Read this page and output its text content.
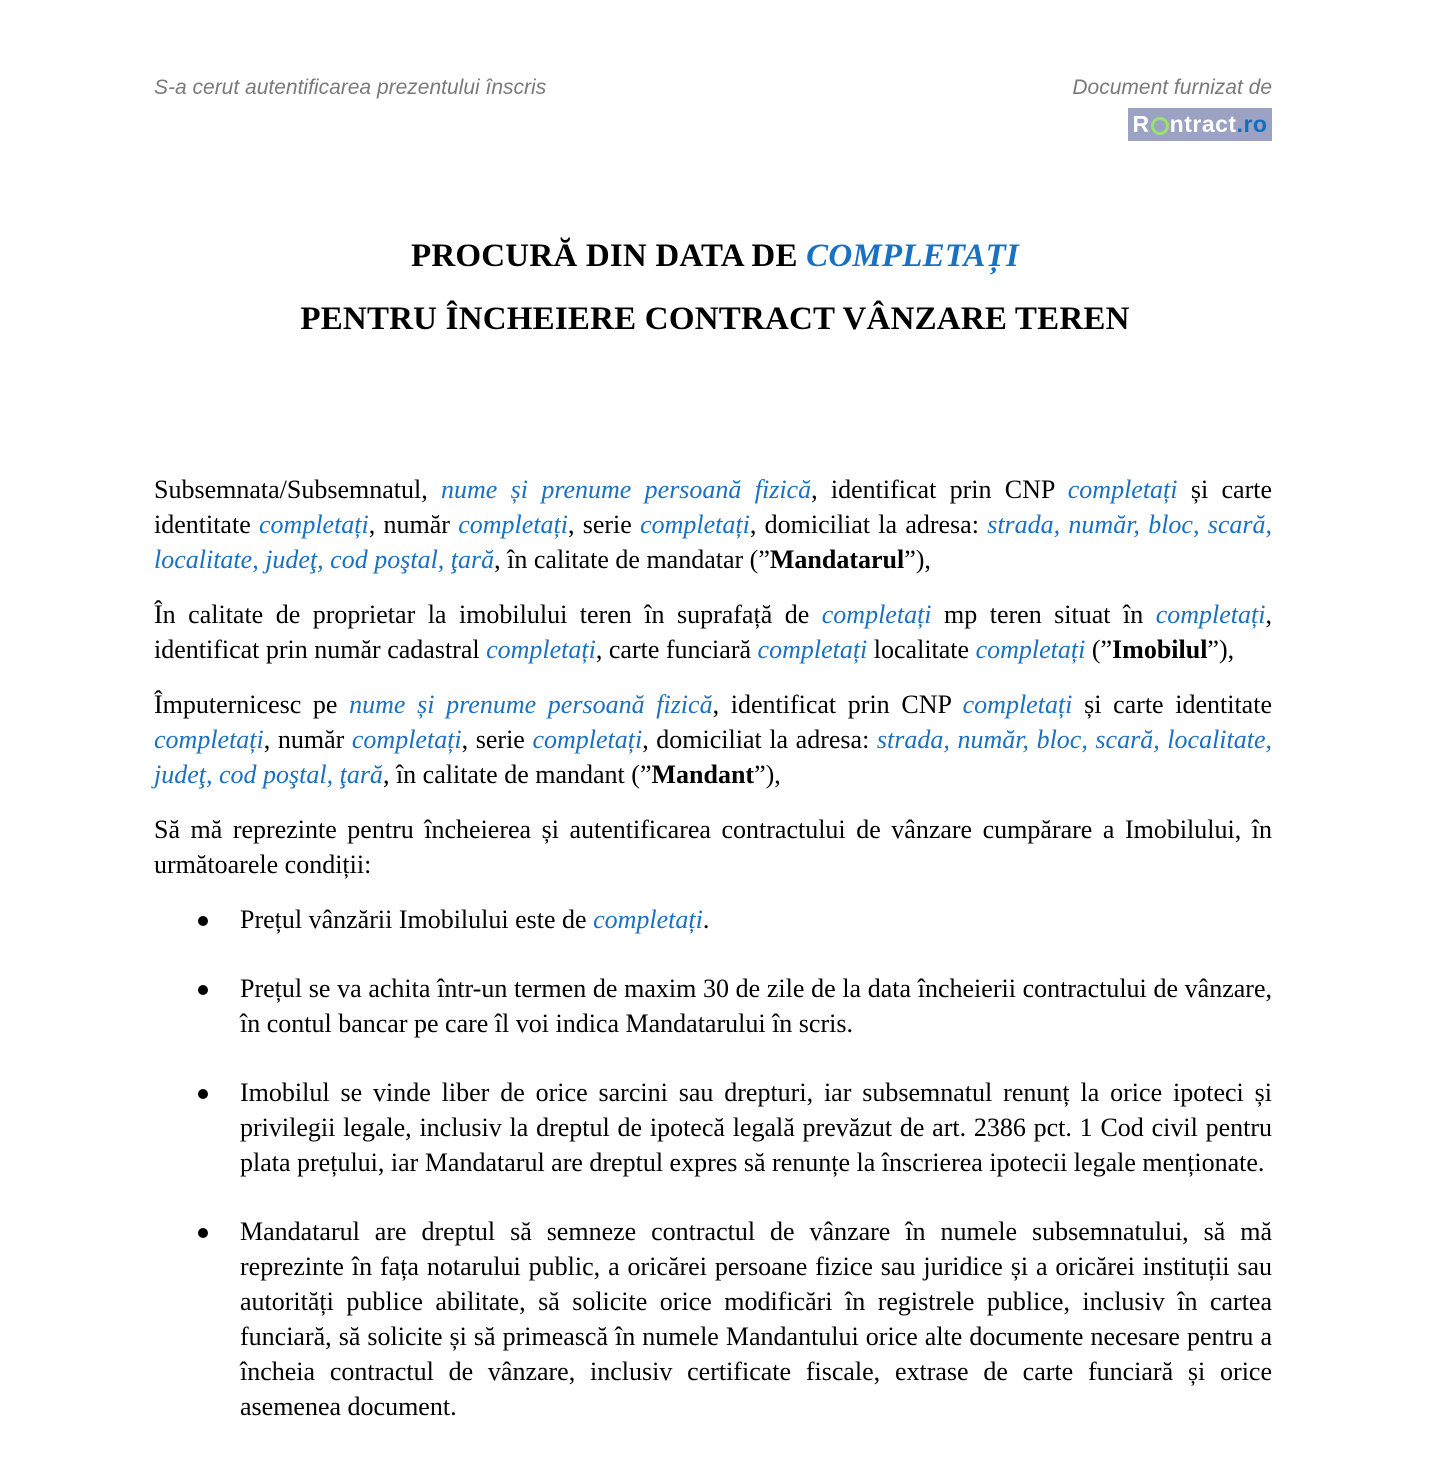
S-a cerut autentificarea prezentului înscris	Document furnizat de
R ntract .ro
PROCURĂ DIN DATA DE COMPLETAȚI
PENTRU ÎNCHEIERE CONTRACT VÂNZARE TEREN

Subsemnata/Subsemnatul, nume și prenume persoană fizică, identificat prin CNP completați și carte identitate completați, număr completați, serie completați, domiciliat la adresa: strada, număr, bloc, scară, localitate, judeţ, cod poştal, ţară, în calitate de mandatar (”Mandatarul”),

În calitate de proprietar la imobilului teren în suprafață de completați mp teren situat în completați, identificat prin număr cadastral completați, carte funciară completați localitate completați (”Imobilul”),

Împuternicesc pe nume și prenume persoană fizică, identificat prin CNP completați și carte identitate completați, număr completați, serie completați, domiciliat la adresa: strada, număr, bloc, scară, localitate, judeţ, cod poştal, ţară, în calitate de mandant (”Mandant”),

Să mă reprezinte pentru încheierea și autentificarea contractului de vânzare cumpărare a Imobilului, în următoarele condiții:

Prețul vânzării Imobilului este de completați.
Prețul se va achita într-un termen de maxim 30 de zile de la data încheierii contractului de vânzare, în contul bancar pe care îl voi indica Mandatarului în scris.
Imobilul se vinde liber de orice sarcini sau drepturi, iar subsemnatul renunț la orice ipoteci și privilegii legale, inclusiv la dreptul de ipotecă legală prevăzut de art. 2386 pct. 1 Cod civil pentru plata prețului, iar Mandatarul are dreptul expres să renunțe la înscrierea ipotecii legale menționate.
Mandatarul are dreptul să semneze contractul de vânzare în numele subsemnatului, să mă reprezinte în fața notarului public, a oricărei persoane fizice sau juridice și a oricărei instituții sau autorități publice abilitate, să solicite orice modificări în registrele publice, inclusiv în cartea funciară, să solicite și să primească în numele Mandantului orice alte documente necesare pentru a încheia contractul de vânzare, inclusiv certificate fiscale, extrase de carte funciară și orice asemenea document.
